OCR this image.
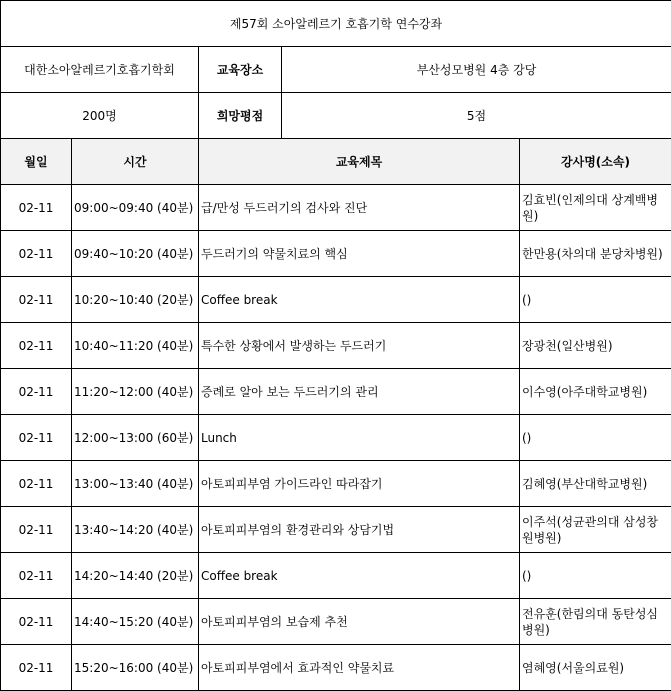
제57회 소아알레르기 호흡기학 연수강좌				
대한소아알레르기호흡기학회		교육장소	부산성모병원 4층 강당	
200명		희망평점	5점	
월일	시간	교육제목		강사명(소속)
02-11	09:00~09:40 (40분)	급/만성 두드러기의 검사와 진단		김효빈(인제의대 상계백병원)
02-11	09:40~10:20 (40분)	두드러기의 약물치료의 핵심		한만용(차의대 분당차병원)
02-11	10:20~10:40 (20분)	Coffee break		()
02-11	10:40~11:20 (40분)	특수한 상황에서 발생하는 두드러기		장광천(일산병원)
02-11	11:20~12:00 (40분)	증례로 알아 보는 두드러기의 관리		이수영(아주대학교병원)
02-11	12:00~13:00 (60분)	Lunch		()
02-11	13:00~13:40 (40분)	아토피피부염 가이드라인 따라잡기		김혜영(부산대학교병원)
02-11	13:40~14:20 (40분)	아토피피부염의 환경관리와 상담기법		이주석(성균관의대 삼성창원병원)
02-11	14:20~14:40 (20분)	Coffee break		()
02-11	14:40~15:20 (40분)	아토피피부염의 보습제 추천		전유훈(한림의대 동탄성심병원)
02-11	15:20~16:00 (40분)	아토피피부염에서 효과적인 약물치료		염혜영(서울의료원)
